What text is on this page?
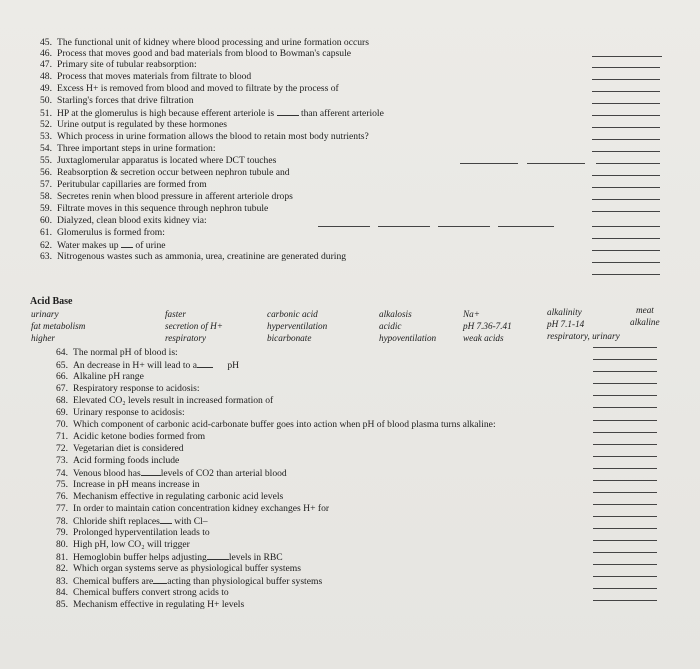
45. The functional unit of kidney where blood processing and urine formation occurs
46. Process that moves good and bad materials from blood to Bowman's capsule
47. Primary site of tubular reabsorption:
48. Process that moves materials from filtrate to blood
49. Excess H+ is removed from blood and moved to filtrate by the process of
50. Starling's forces that drive filtration
51. HP at the glomerulus is high because efferent arteriole is	than afferent arteriole
52. Urine output is regulated by these hormones
53. Which process in urine formation allows the blood to retain most body nutrients?
54. Three important steps in urine formation:
55. Juxtaglomerular apparatus is located where DCT touches
56. Reabsorption & secretion occur between nephron tubule and
57. Peritubular capillaries are formed from
58. Secretes renin when blood pressure in afferent arteriole drops
59. Filtrate moves in this sequence through nephron tubule
60. Dialyzed, clean blood exits kidney via:
61. Glomerulus is formed from:
62. Water makes up of urine
63. Nitrogenous wastes such as ammonia, urea, creatinine are generated during
Acid Base
urinary
fat metabolism
higher
faster
secretion of H+
respiratory
carbonic acid
hyperventilation
bicarbonate
alkalosis
acidic
hypoventilation
Na+
pH 7.36-7.41
weak acids
alkalinity
pH 7.1-14
respiratory, urinary
meat
alkaline
64. The normal pH of blood is:
65. An decrease in H+ will lead to a	pH
66. Alkaline pH range
67. Respiratory response to acidosis:
68. Elevated CO₂ levels result in increased formation of
69. Urinary response to acidosis:
70. Which component of carbonic acid-carbonate buffer goes into action when pH of blood plasma turns alkaline:
71. Acidic ketone bodies formed from
72. Vegetarian diet is considered
73. Acid forming foods include
74. Venous blood has levels of CO2 than arterial blood
75. Increase in pH means increase in
76. Mechanism effective in regulating carbonic acid levels
77. In order to maintain cation concentration kidney exchanges H+ for
78. Chloride shift replaces with Cl–
79. Prolonged hyperventilation leads to
80. High pH, low CO₂ will trigger
81. Hemoglobin buffer helps adjusting levels in RBC
82. Which organ systems serve as physiological buffer systems
83. Chemical buffers are acting than physiological buffer systems
84. Chemical buffers convert strong acids to
85. Mechanism effective in regulating H+ levels
